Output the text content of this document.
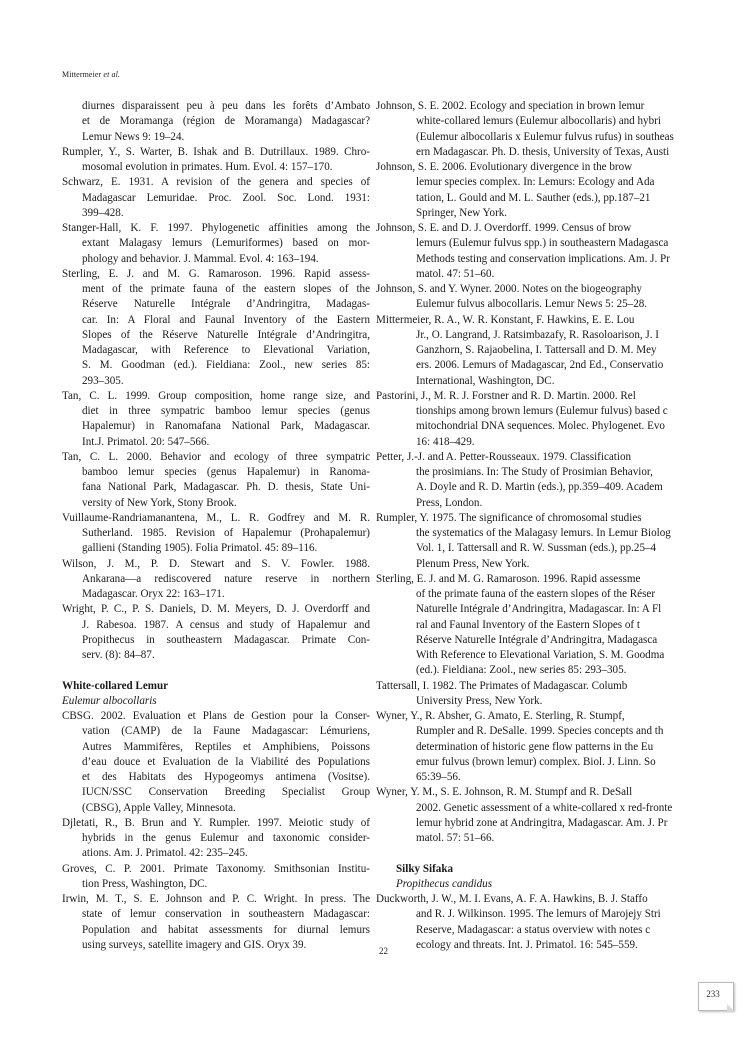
Mittermeier et al.

diurnes disparaissent peu à peu dans les forêts d’Ambato
et de Moramanga (région de Moramanga) Madagascar?
Lemur News 9: 19–24.

Rumpler, Y., S. Warter, B. Ishak and B. Dutrillaux. 1989. Chro-
mosomal evolution in primates. Hum. Evol. 4: 157–170.

Schwarz, E. 1931. A revision of the genera and species of
Madagascar Lemuridae. Proc. Zool. Soc. Lond. 1931:
399–428.

Stanger-Hall, K. F. 1997. Phylogenetic affinities among the
extant Malagasy lemurs (Lemuriformes) based on mor-
phology and behavior. J. Mammal. Evol. 4: 163–194.

Sterling, E. J. and M. G. Ramaroson. 1996. Rapid assess-
ment of the primate fauna of the eastern slopes of the
Réserve Naturelle Intégrale d’Andringitra, Madagas-
car. In: A Floral and Faunal Inventory of the Eastern
Slopes of the Réserve Naturelle Intégrale d’Andringitra,
Madagascar, with Reference to Elevational Variation,
S. M. Goodman (ed.). Fieldiana: Zool., new series 85:
293–305.

Tan, C. L. 1999. Group composition, home range size, and
diet in three sympatric bamboo lemur species (genus
Hapalemur) in Ranomafana National Park, Madagascar.
Int.J. Primatol. 20: 547–566.

Tan, C. L. 2000. Behavior and ecology of three sympatric
bamboo lemur species (genus Hapalemur) in Ranoma-
fana National Park, Madagascar. Ph. D. thesis, State Uni-
versity of New York, Stony Brook.

Vuillaume-Randriamanantena, M., L. R. Godfrey and M. R.
Sutherland. 1985. Revision of Hapalemur (Prohapalemur)
gallieni (Standing 1905). Folia Primatol. 45: 89–116.

Wilson, J. M., P. D. Stewart and S. V. Fowler. 1988.
Ankarana—a rediscovered nature reserve in northern
Madagascar. Oryx 22: 163–171.

Wright, P. C., P. S. Daniels, D. M. Meyers, D. J. Overdorff and
J. Rabesoa. 1987. A census and study of Hapalemur and
Propithecus in southeastern Madagascar. Primate Con-
serv. (8): 84–87.

White-collared Lemur

Eulemur albocollaris

CBSG. 2002. Evaluation et Plans de Gestion pour la Conser-
vation (CAMP) de la Faune Madagascar: Lémuriens,
Autres Mammifères, Reptiles et Amphibiens, Poissons
d’eau douce et Evaluation de la Viabilité des Populations
et des Habitats des Hypogeomys antimena (Vositse).
IUCN/SSC Conservation Breeding Specialist Group
(CBSG), Apple Valley, Minnesota.

Djletati, R., B. Brun and Y. Rumpler. 1997. Meiotic study of
hybrids in the genus Eulemur and taxonomic consider-
ations. Am. J. Primatol. 42: 235–245.

Groves, C. P. 2001. Primate Taxonomy. Smithsonian Institu-
tion Press, Washington, DC.

Irwin, M. T., S. E. Johnson and P. C. Wright. In press. The
state of lemur conservation in southeastern Madagascar:
Population and habitat assessments for diurnal lemurs
using surveys, satellite imagery and GIS. Oryx 39.

Johnson, S. E. 2002. Ecology and speciation in brown lemur
white-collared lemurs (Eulemur albocollaris) and hybri
(Eulemur albocollaris x Eulemur fulvus rufus) in southeas
ern Madagascar. Ph. D. thesis, University of Texas, Austi

Johnson, S. E. 2006. Evolutionary divergence in the brow
lemur species complex. In: Lemurs: Ecology and Ada
tation, L. Gould and M. L. Sauther (eds.), pp.187–21
Springer, New York.

Johnson, S. E. and D. J. Overdorff. 1999. Census of brow
lemurs (Eulemur fulvus spp.) in southeastern Madagasca
Methods testing and conservation implications. Am. J. Pr
matol. 47: 51–60.

Johnson, S. and Y. Wyner. 2000. Notes on the biogeography
Eulemur fulvus albocollaris. Lemur News 5: 25–28.

Mittermeier, R. A., W. R. Konstant, F. Hawkins, E. E. Lou
Jr., O. Langrand, J. Ratsimbazafy, R. Rasoloarison, J. I
Ganzhorn, S. Rajaobelina, I. Tattersall and D. M. Mey
ers. 2006. Lemurs of Madagascar, 2nd Ed., Conservatio
International, Washington, DC.

Pastorini, J., M. R. J. Forstner and R. D. Martin. 2000. Rel
tionships among brown lemurs (Eulemur fulvus) based c
mitochondrial DNA sequences. Molec. Phylogenet. Evo
16: 418–429.

Petter, J.-J. and A. Petter-Rousseaux. 1979. Classification
the prosimians. In: The Study of Prosimian Behavior,
A. Doyle and R. D. Martin (eds.), pp.359–409. Academ
Press, London.

Rumpler, Y. 1975. The significance of chromosomal studies
the systematics of the Malagasy lemurs. In Lemur Biolog
Vol. 1, I. Tattersall and R. W. Sussman (eds.), pp.25–4
Plenum Press, New York.

Sterling, E. J. and M. G. Ramaroson. 1996. Rapid assessme
of the primate fauna of the eastern slopes of the Réser
Naturelle Intégrale d’Andringitra, Madagascar. In: A Fl
ral and Faunal Inventory of the Eastern Slopes of t
Réserve Naturelle Intégrale d’Andringitra, Madagasca
With Reference to Elevational Variation, S. M. Goodma
(ed.). Fieldiana: Zool., new series 85: 293–305.

Tattersall, I. 1982. The Primates of Madagascar. Columb
University Press, New York.

Wyner, Y., R. Absher, G. Amato, E. Sterling, R. Stumpf,
Rumpler and R. DeSalle. 1999. Species concepts and th
determination of historic gene flow patterns in the Eu
emur fulvus (brown lemur) complex. Biol. J. Linn. So
65:39–56.

Wyner, Y. M., S. E. Johnson, R. M. Stumpf and R. DeSall
2002. Genetic assessment of a white-collared x red-fronte
lemur hybrid zone at Andringitra, Madagascar. Am. J. Pr
matol. 57: 51–66.

Silky Sifaka

Propithecus candidus

Duckworth, J. W., M. I. Evans, A. F. A. Hawkins, B. J. Staffo
and R. J. Wilkinson. 1995. The lemurs of Marojejy Stri
Reserve, Madagascar: a status overview with notes c
ecology and threats. Int. J. Primatol. 16: 545–559.

22
233
